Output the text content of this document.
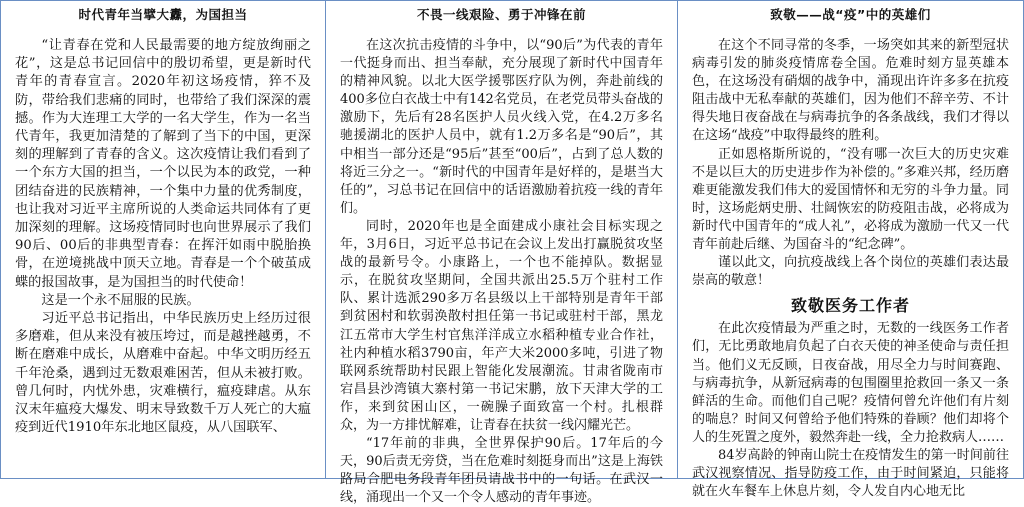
时代青年当擘大纛，为国担当

“让青春在党和人民最需要的地方绽放绚丽之花”，这是总书记回信中的殷切希望，更是新时代青年的青春宣言。2020年初这场疫情，猝不及防，带给我们悲痛的同时，也带给了我们深深的震撼。作为大连理工大学的一名大学生，作为一名当代青年，我更加清楚的了解到了当下的中国，更深刻的理解到了青春的含义。这次疫情让我们看到了一个东方大国的担当，一个以民为本的政党，一种团结奋进的民族精神，一个集中力量的优秀制度，也让我对习近平主席所说的人类命运共同体有了更加深刻的理解。这场疫情同时也向世界展示了我们90后、00后的非典型青春：在挥汗如雨中脱胎换骨，在逆境挑战中顶天立地。青春是一个个破茧成蝶的报国故事，是为国担当的时代使命！

这是一个永不屈服的民族。

习近平总书记指出，中华民族历史上经历过很多磨难，但从来没有被压垮过，而是越挫越勇，不断在磨难中成长，从磨难中奋起。中华文明历经五千年沧桑，遇到过无数艰难困苦，但从未被打败。曾几何时，内忧外患，灾难横行，瘟疫肆虐。从东汉末年瘟疫大爆发、明末导致数千万人死亡的大瘟疫到近代1910年东北地区鼠疫，从八国联军、

不畏一线艰险、勇于冲锋在前

在这次抗击疫情的斗争中，以“90后”为代表的青年一代挺身而出、担当奉献，充分展现了新时代中国青年的精神风貌。以北大医学援鄂医疗队为例，奔赴前线的400多位白衣战士中有142名党员，在老党员带头奋战的激励下，先后有28名医护人员火线入党，在4.2万多名驰援湖北的医护人员中，就有1.2万多名是“90后”，其中相当一部分还是“95后”甚至“00后”，占到了总人数的将近三分之一。“新时代的中国青年是好样的，是堪当大任的”，习总书记在回信中的话语激励着抗疫一线的青年们。

同时，2020年也是全面建成小康社会目标实现之年，3月6日，习近平总书记在会议上发出打赢脱贫攻坚战的最新号令。小康路上，一个也不能掉队。数据显示，在脱贫攻坚期间，全国共派出25.5万个驻村工作队、累计选派290多万名县级以上干部特别是青年干部到贫困村和软弱涣散村担任第一书记或驻村干部，黑龙江五常市大学生村官焦洋洋成立水稻种植专业合作社，社内种植水稻3790亩，年产大米2000多吨，引进了物联网系统帮助村民跟上智能化发展潮流。甘肃省陇南市宕昌县沙湾镇大寨村第一书记宋鹏，放下天津大学的工作，来到贫困山区，一碗臊子面致富一个村。扎根群众，为一方排忧解难，让青春在扶贫一线闪耀光芒。

“17年前的非典，全世界保护90后。17年后的今天，90后责无旁贷，当在危难时刻挺身而出”这是上海铁路局合肥电务段青年团员请战书中的一句话。在武汉一线，涌现出一个又一个令人感动的青年事迹。

致敬——战“疫”中的英雄们

在这个不同寻常的冬季，一场突如其来的新型冠状病毒引发的肺炎疫情席卷全国。危难时刻方显英雄本色，在这场没有硝烟的战争中，涌现出许许多多在抗疫阻击战中无私奉献的英雄们，因为他们不辞辛劳、不计得失地日夜奋战在与病毒抗争的各条战线，我们才得以在这场“战疫”中取得最终的胜利。

正如恩格斯所说的，“没有哪一次巨大的历史灾难不是以巨大的历史进步作为补偿的。”多难兴邦，经历磨难更能激发我们伟大的爱国情怀和无穷的斗争力量。同时，这场彪炳史册、壮阔恢宏的防疫阻击战，必将成为新时代中国青年的“成人礼”，必将成为激励一代又一代青年前赴后继、为国奋斗的“纪念碑”。

谨以此文，向抗疫战线上各个岗位的英雄们表达最崇高的敬意！

致敬医务工作者

在此次疫情最为严重之时，无数的一线医务工作者们，无比勇敢地肩负起了白衣天使的神圣使命与责任担当。他们义无反顾，日夜奋战，用尽全力与时间赛跑、与病毒抗争，从新冠病毒的包围圈里抢救回一条又一条鲜活的生命。而他们自己呢？疫情何曾允许他们有片刻的喘息？时间又何曾给予他们特殊的眷顾？他们却将个人的生死置之度外，毅然奔赴一线，全力抢救病人……

84岁高龄的钟南山院士在疫情发生的第一时间前往武汉视察情况、指导防疫工作，由于时间紧迫，只能将就在火车餐车上休息片刻，令人发自内心地无比
